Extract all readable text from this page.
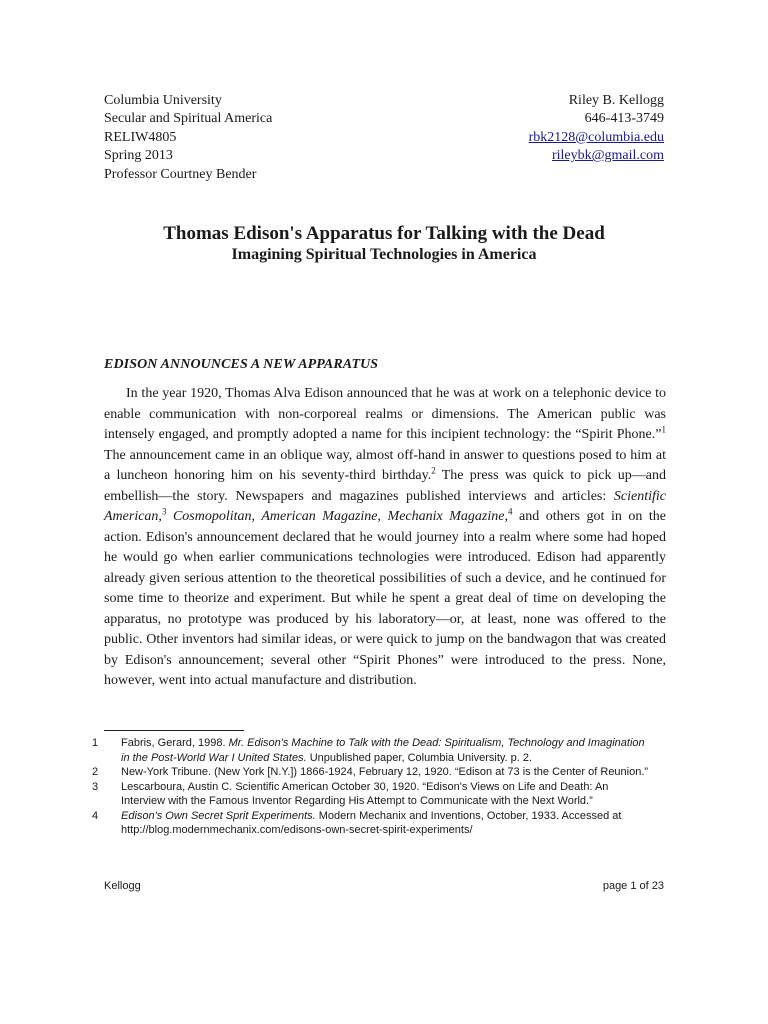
Columbia University
Secular and Spiritual America
RELIW4805
Spring 2013
Professor Courtney Bender
Riley B. Kellogg
646-413-3749
rbk2128@columbia.edu
rileybk@gmail.com
Thomas Edison's Apparatus for Talking with the Dead
Imagining Spiritual Technologies in America
EDISON ANNOUNCES A NEW APPARATUS

In the year 1920, Thomas Alva Edison announced that he was at work on a telephonic device to enable communication with non-corporeal realms or dimensions. The American public was intensely engaged, and promptly adopted a name for this incipient technology: the “Spirit Phone.”$^1$ The announcement came in an oblique way, almost off-hand in answer to questions posed to him at a luncheon honoring him on his seventy-third birthday.$^2$ The press was quick to pick up—and embellish—the story. Newspapers and magazines published interviews and articles: Scientific American,$^3$ Cosmopolitan, American Magazine, Mechanix Magazine,$^4$ and others got in on the action. Edison's announcement declared that he would journey into a realm where some had hoped he would go when earlier communications technologies were introduced. Edison had apparently already given serious attention to the theoretical possibilities of such a device, and he continued for some time to theorize and experiment. But while he spent a great deal of time on developing the apparatus, no prototype was produced by his laboratory—or, at least, none was offered to the public. Other inventors had similar ideas, or were quick to jump on the bandwagon that was created by Edison's announcement; several other “Spirit Phones” were introduced to the press. None, however, went into actual manufacture and distribution.

1	Fabris, Gerard, 1998. Mr. Edison's Machine to Talk with the Dead: Spiritualism, Technology and Imagination in the Post-World War I United States. Unpublished paper, Columbia University. p. 2.
2	New-York Tribune. (New York [N.Y.]) 1866-1924, February 12, 1920. “Edison at 73 is the Center of Reunion.”
3	Lescarboura, Austin C. Scientific American October 30, 1920. “Edison's Views on Life and Death: An Interview with the Famous Inventor Regarding His Attempt to Communicate with the Next World.”
4	Edison's Own Secret Sprit Experiments. Modern Mechanix and Inventions, October, 1933. Accessed at http://blog.modernmechanix.com/edisons-own-secret-spirit-experiments/
Kellogg	page 1 of 23
